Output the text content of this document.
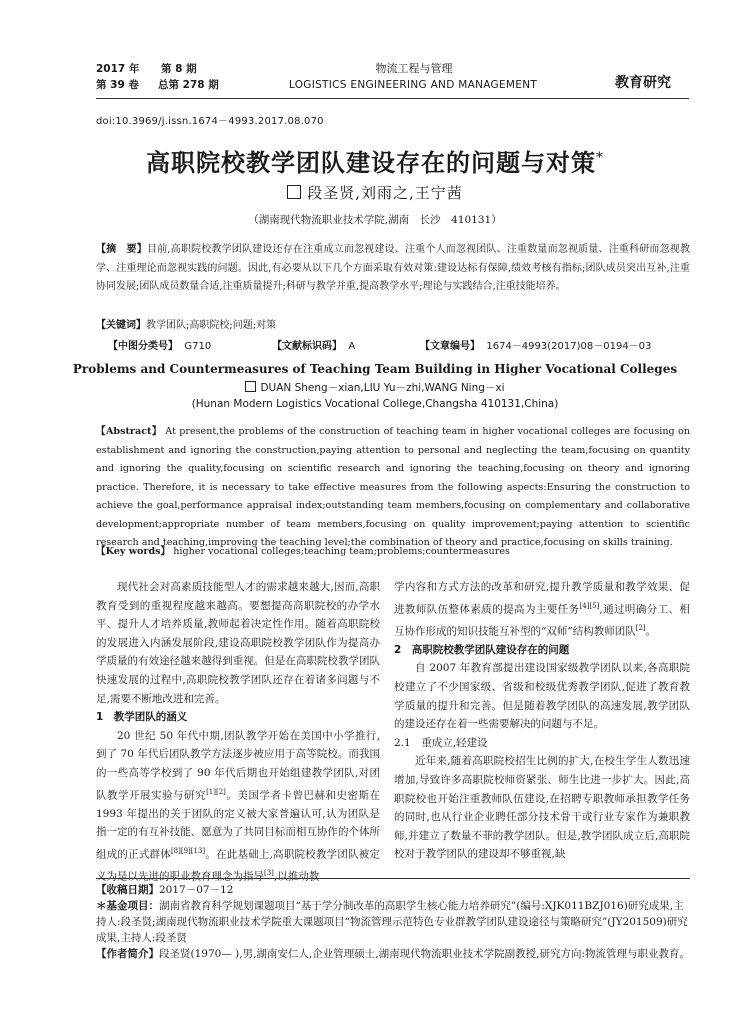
2017 年 第 8 期
第 39 卷 总第 278 期
物流工程与管理
LOGISTICS ENGINEERING AND MANAGEMENT	教育研究
doi:10.3969/j.issn.1674－4993.2017.08.070
高职院校教学团队建设存在的问题与对策*
段圣贤,刘雨之,王宁茜
（湖南现代物流职业技术学院,湖南　长沙　410131）
【摘　要】目前,高职院校教学团队建设还存在注重成立而忽视建设、注重个人而忽视团队、注重数量而忽视质量、注重科研而忽视教学、注重理论而忽视实践的问题。因此,有必要从以下几个方面采取有效对策:建设达标有保障,绩效考核有指标;团队成员突出互补,注重协同发展;团队成员数量合适,注重质量提升;科研与教学并重,提高教学水平;理论与实践结合,注重技能培养。
【关键词】教学团队;高职院校;问题;对策
【中图分类号】 G710	【文献标识码】 A	【文章编号】 1674－4993(2017)08－0194－03
Problems and Countermeasures of Teaching Team Building in Higher Vocational Colleges
DUAN Sheng－xian,LIU Yu－zhi,WANG Ning－xi
(Hunan Modern Logistics Vocational College,Changsha 410131,China)
【Abstract】 At present,the problems of the construction of teaching team in higher vocational colleges are focusing on establishment and ignoring the construction,paying attention to personal and neglecting the team,focusing on quantity and ignoring the quality,focusing on scientific research and ignoring the teaching,focusing on theory and ignoring practice. Therefore, it is necessary to take effective measures from the following aspects:Ensuring the construction to achieve the goal,performance appraisal index;outstanding team members,focusing on complementary and collaborative development;appropriate number of team members,focusing on quality improvement;paying attention to scientific research and teaching,improving the teaching level;the combination of theory and practice,focusing on skills training.
【Key words】 higher vocational colleges;teaching team;problems;countermeasures

现代社会对高素质技能型人才的需求越来越大,因而,高职教育受到的重视程度越来越高。要想提高高职院校的办学水平、提升人才培养质量,教师起着决定性作用。随着高职院校的发展进入内涵发展阶段,建设高职院校教学团队作为提高办学质量的有效途径越来越得到重视。但是在高职院校教学团队快速发展的过程中,高职院校教学团队还存在着诸多问题与不足,需要不断地改进和完善。

1　教学团队的涵义

20 世纪 50 年代中期,团队教学开始在美国中小学推行,到了 70 年代后团队教学方法逐步被应用于高等院校。而我国的一些高等学校到了 90 年代后期也开始组建教学团队,对团队教学开展实验与研究[1][2]。美国学者卡曾巴赫和史密斯在 1993 年提出的关于团队的定义被大家普遍认可,认为团队是指一定的有互补技能、愿意为了共同目标而相互协作的个体所组成的正式群体[8][9][13]。在此基础上,高职院校教学团队被定义为是以先进的职业教育理念为指导[3],以推动教

学内容和方式方法的改革和研究,提升教学质量和教学效果、促进教师队伍整体素质的提高为主要任务[4][5],通过明确分工、相互协作形成的知识技能互补型的“双师”结构教师团队[2]。

2　高职院校教学团队建设存在的问题

自 2007 年教育部提出建设国家级教学团队以来,各高职院校建立了不少国家级、省级和校级优秀教学团队,促进了教育教学质量的提升和完善。但是随着教学团队的高速发展,教学团队的建设还存在着一些需要解决的问题与不足。

2.1　重成立,轻建设

近年来,随着高职院校招生比例的扩大,在校生学生人数迅速增加,导致许多高职院校师资紧张、师生比进一步扩大。因此,高职院校也开始注重教师队伍建设,在招聘专职教师承担教学任务的同时,也从行业企业聘任部分技术骨干或行业专家作为兼职教师,并建立了数量不菲的教学团队。但是,教学团队成立后,高职院校对于教学团队的建设却不够重视,缺

【收稿日期】2017－07－12

＊基金项目：湖南省教育科学规划课题项目“基于学分制改革的高职学生核心能力培养研究”(编号:XJK011BZJ016)研究成果,主持人:段圣贤;湖南现代物流职业技术学院重大课题项目“物流管理示范特色专业群教学团队建设途径与策略研究”(JY201509)研究成果,主持人:段圣贤

【作者简介】段圣贤(1970— ),男,湖南安仁人,企业管理硕士,湖南现代物流职业技术学院副教授,研究方向:物流管理与职业教育。
